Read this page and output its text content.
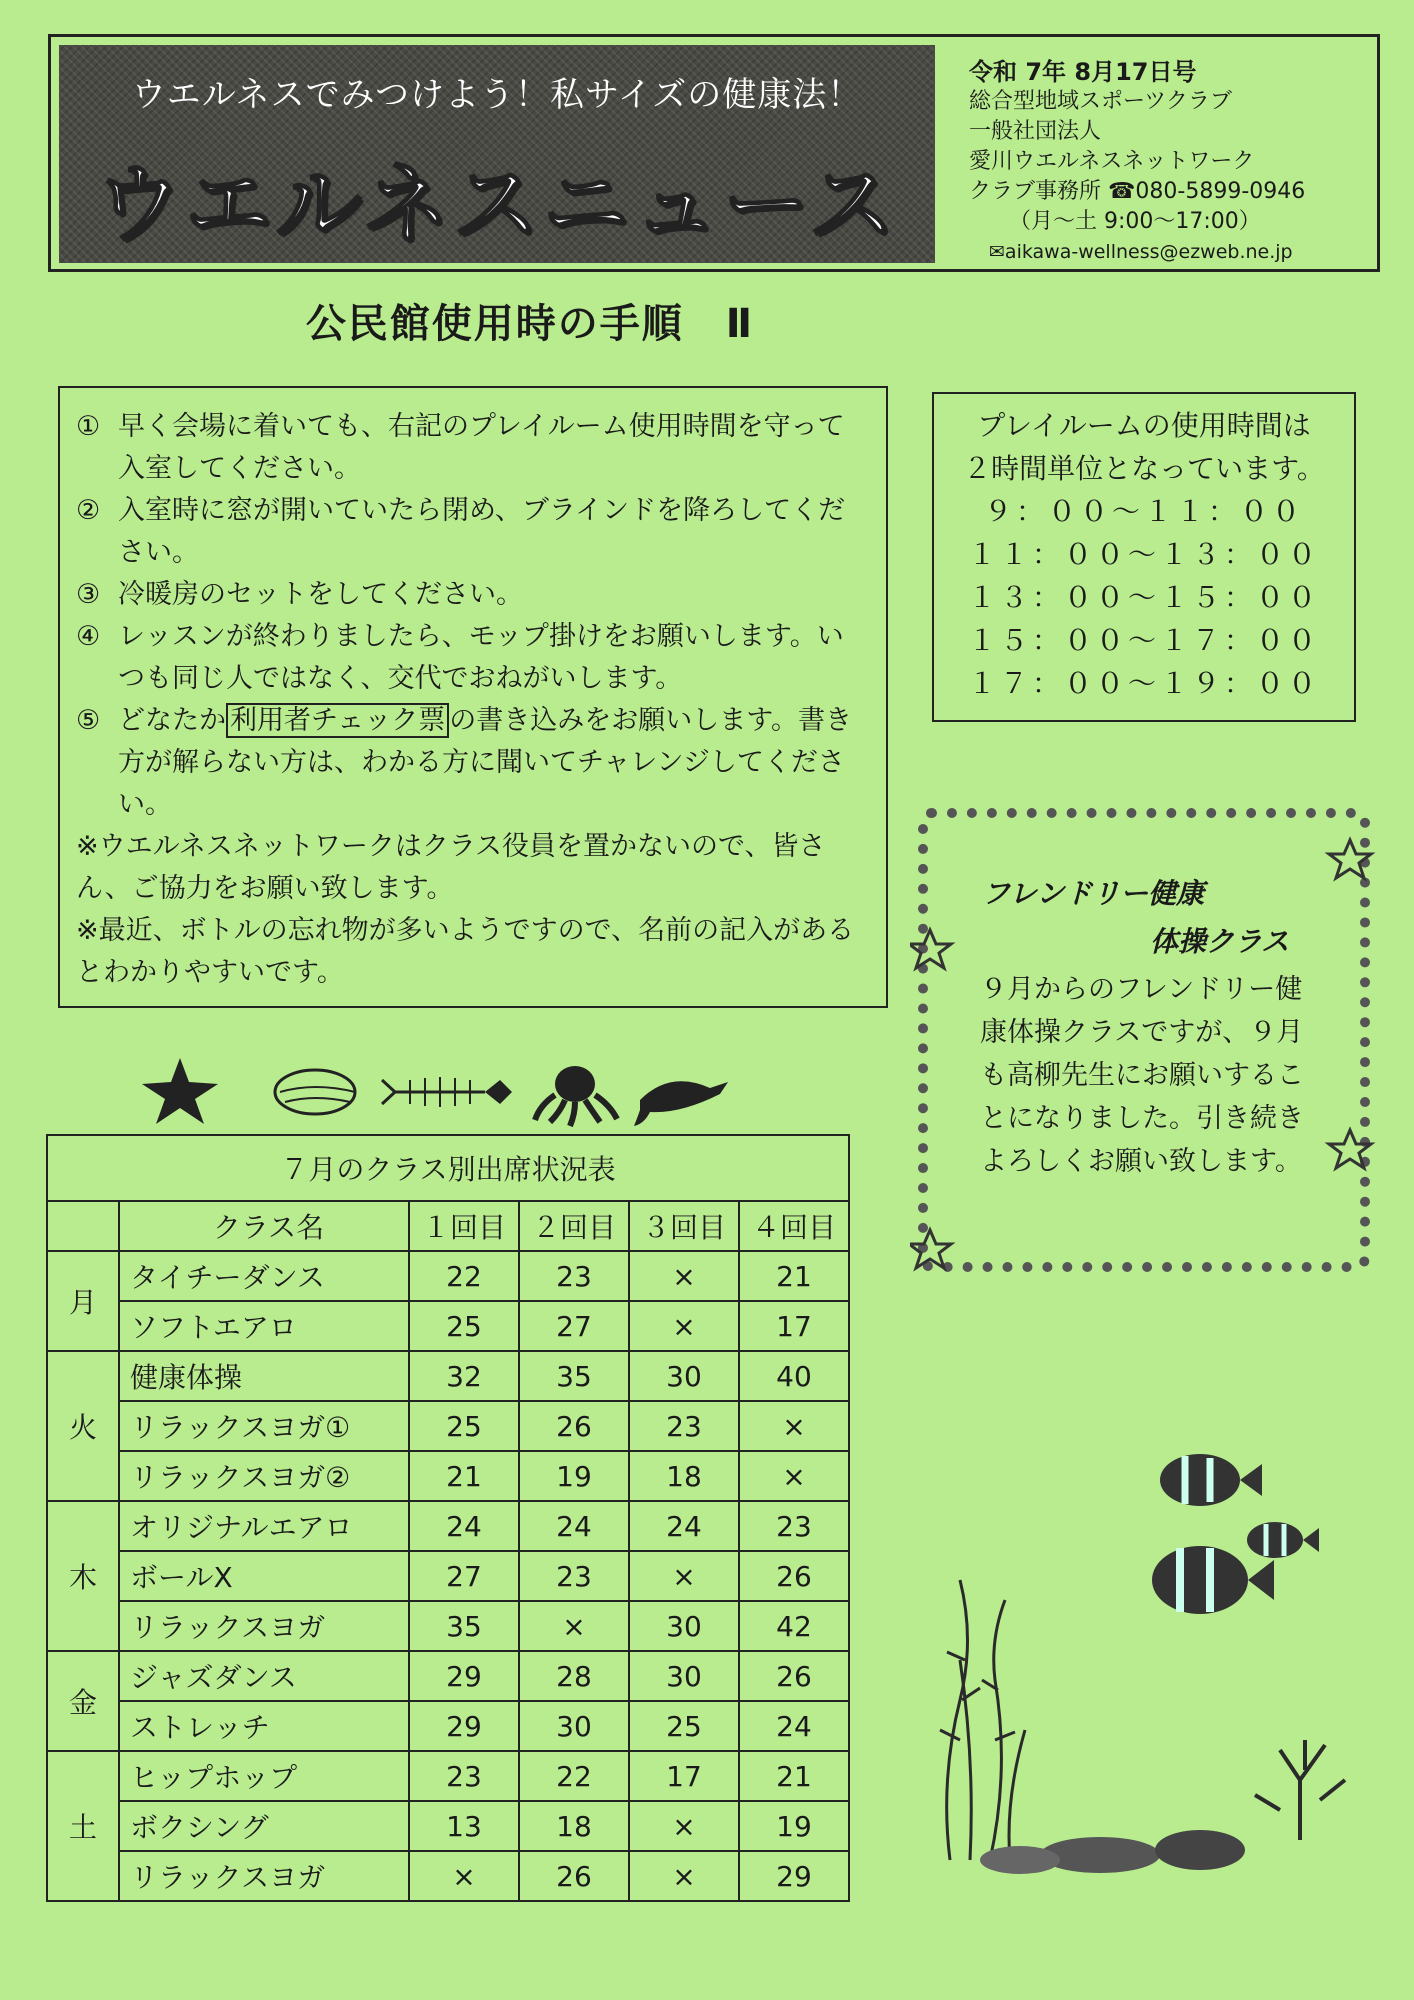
ウエルネスでみつけよう！私サイズの健康法！
ウエルネスニュース
令和 7年 8月17日号
総合型地域スポーツクラブ
一般社団法人
愛川ウエルネスネットワーク
クラブ事務所 ☎080-5899-0946
（月～土 9:00～17:00）
✉aikawa-wellness@ezweb.ne.jp
公民館使用時の手順　Ⅱ
① 早く会場に着いても、右記のプレイルーム使用時間を守って入室してください。
② 入室時に窓が開いていたら閉め、ブラインドを降ろしてください。
③ 冷暖房のセットをしてください。
④ レッスンが終わりましたら、モップ掛けをお願いします。いつも同じ人ではなく、交代でおねがいします。
⑤ どなたか 利用者チェック票 の書き込みをお願いします。書き方が解らない方は、わかる方に聞いてチャレンジしてください。
※ウエルネスネットワークはクラス役員を置かないので、皆さん、ご協力をお願い致します。
※最近、ボトルの忘れ物が多いようですので、名前の記入があるとわかりやすいです。
プレイルームの使用時間は
２時間単位となっています。
９：００～１１：００
１１：００～１３：００
１３：００～１５：００
１５：００～１７：００
１７：００～１９：００
フレンドリー健康
体操クラス
９月からのフレンドリー健康体操クラスですが、９月も高柳先生にお願いすることになりました。引き続きよろしくお願い致します。
７月のクラス別出席状況表					
	クラス名	１回目	２回目	３回目	４回目
月	タイチーダンス	22	23	×	21
	ソフトエアロ	25	27	×	17
火	健康体操	32	35	30	40
	リラックスヨガ①	25	26	23	×
	リラックスヨガ②	21	19	18	×
木	オリジナルエアロ	24	24	24	23
	ボールⅩ	27	23	×	26
	リラックスヨガ	35	×	30	42
金	ジャズダンス	29	28	30	26
	ストレッチ	29	30	25	24
土	ヒップホップ	23	22	17	21
	ボクシング	13	18	×	19
	リラックスヨガ	×	26	×	29
